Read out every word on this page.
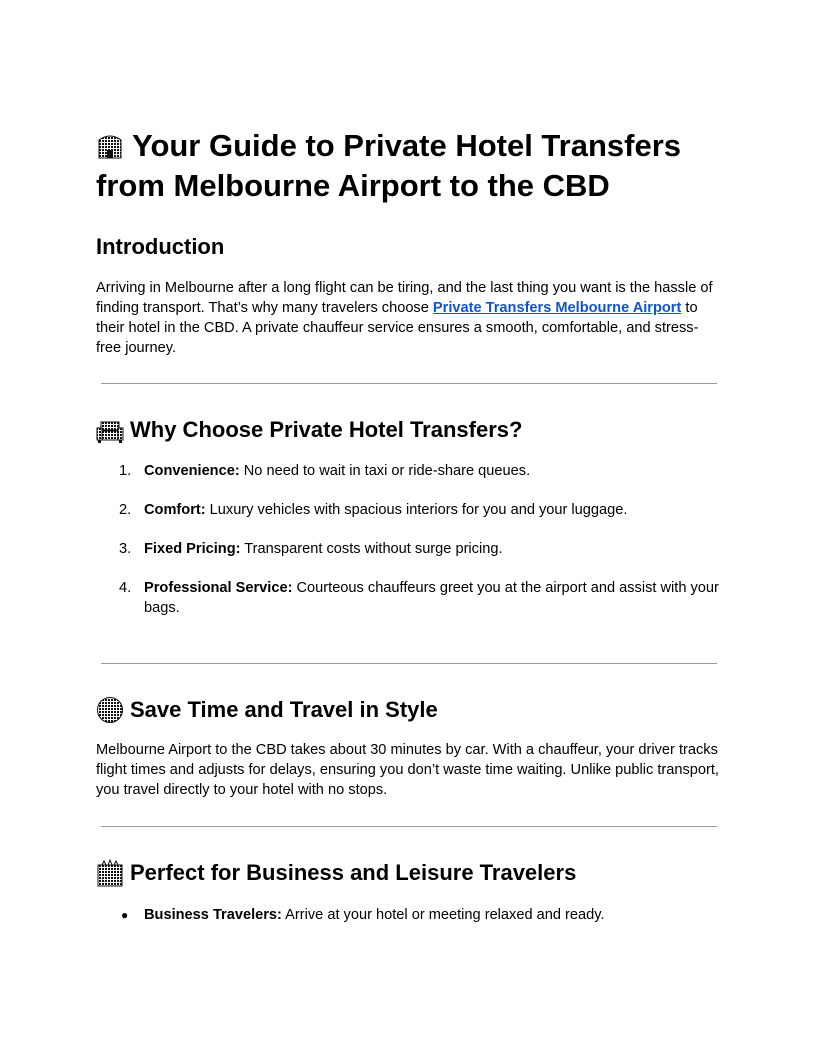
Your Guide to Private Hotel Transfers
from Melbourne Airport to the CBD
Introduction

Arriving in Melbourne after a long flight can be tiring, and the last thing you want is the hassle of finding transport. That’s why many travelers choose Private Transfers Melbourne Airport to their hotel in the CBD. A private chauffeur service ensures a smooth, comfortable, and stress-free journey.

Why Choose Private Hotel Transfers?
1. Convenience: No need to wait in taxi or ride-share queues.
2. Comfort: Luxury vehicles with spacious interiors for you and your luggage.
3. Fixed Pricing: Transparent costs without surge pricing.
4. Professional Service: Courteous chauffeurs greet you at the airport and assist with your bags.
Save Time and Travel in Style

Melbourne Airport to the CBD takes about 30 minutes by car. With a chauffeur, your driver tracks flight times and adjusts for delays, ensuring you don’t waste time waiting. Unlike public transport, you travel directly to your hotel with no stops.

Perfect for Business and Leisure Travelers
● Business Travelers: Arrive at your hotel or meeting relaxed and ready.
